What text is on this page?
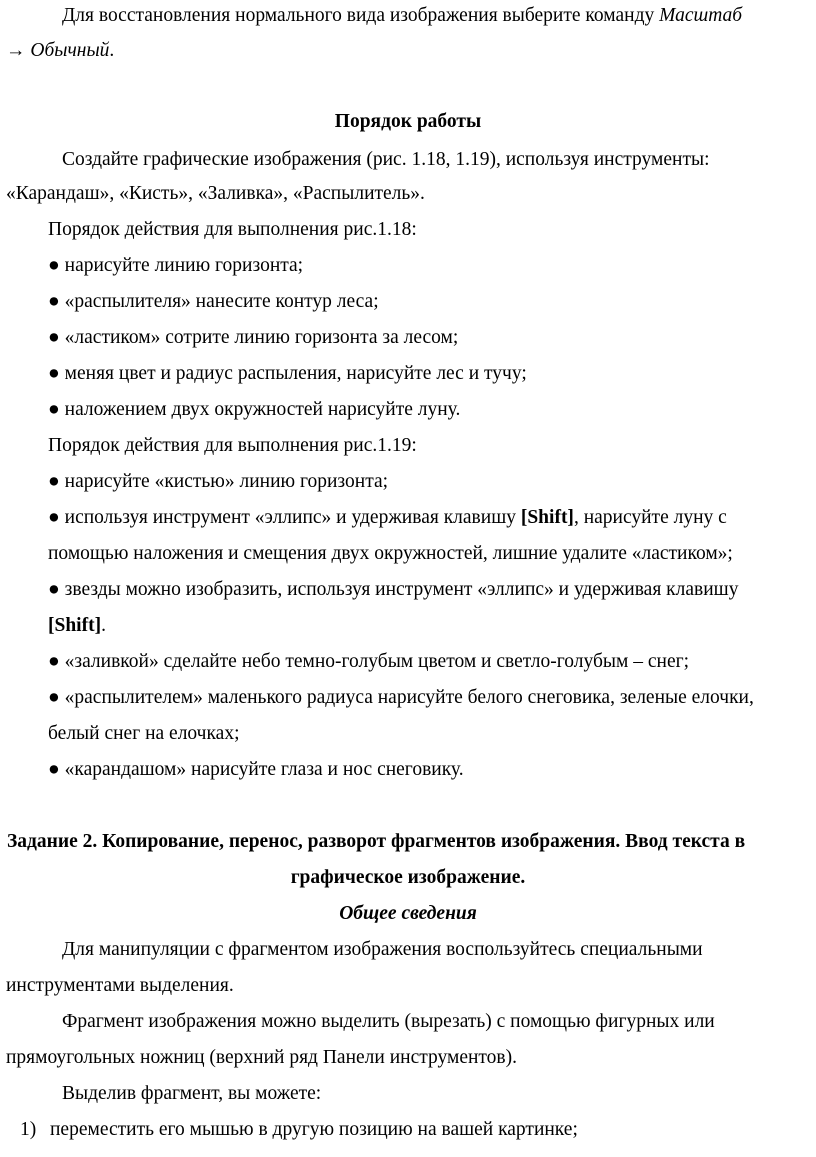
Для восстановления нормального вида изображения выберите команду Масштаб
→ Обычный.
Порядок работы
Создайте графические изображения (рис. 1.18, 1.19), используя инструменты:
«Карандаш», «Кисть», «Заливка», «Распылитель».
Порядок действия для выполнения рис.1.18:
● нарисуйте линию горизонта;
● «распылителя» нанесите контур леса;
● «ластиком» сотрите линию горизонта за лесом;
● меняя цвет и радиус распыления, нарисуйте лес и тучу;
● наложением двух окружностей нарисуйте луну.
Порядок действия для выполнения рис.1.19:
● нарисуйте «кистью» линию горизонта;
● используя инструмент «эллипс» и удерживая клавишу [Shift], нарисуйте луну с
помощью наложения и смещения двух окружностей, лишние удалите «ластиком»;
● звезды можно изобразить, используя инструмент «эллипс» и удерживая клавишу
[Shift].
● «заливкой» сделайте небо темно-голубым цветом и светло-голубым – снег;
● «распылителем» маленького радиуса нарисуйте белого снеговика, зеленые елочки,
белый снег на елочках;
● «карандашом» нарисуйте глаза и нос снеговику.
Задание 2. Копирование, перенос, разворот фрагментов изображения. Ввод текста в
графическое изображение.
Общее сведения
Для манипуляции с фрагментом изображения воспользуйтесь специальными
инструментами выделения.
Фрагмент изображения можно выделить (вырезать) с помощью фигурных или
прямоугольных ножниц (верхний ряд Панели инструментов).
Выделив фрагмент, вы можете:
1) переместить его мышью в другую позицию на вашей картинке;
